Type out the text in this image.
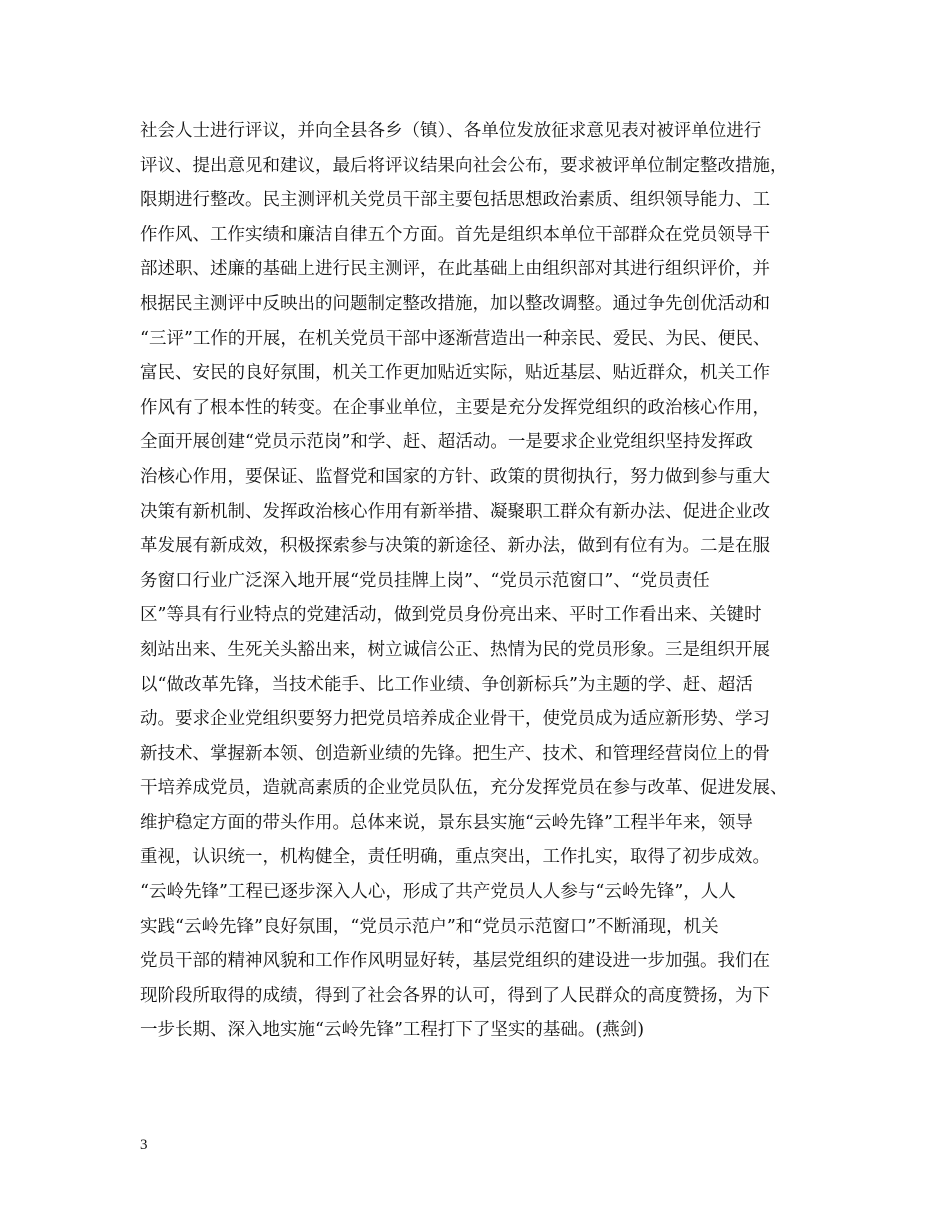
社会人士进行评议，并向全县各乡（镇）、各单位发放征求意见表对被评单位进行
评议、提出意见和建议，最后将评议结果向社会公布，要求被评单位制定整改措施，
限期进行整改。民主测评机关党员干部主要包括思想政治素质、组织领导能力、工
作作风、工作实绩和廉洁自律五个方面。首先是组织本单位干部群众在党员领导干
部述职、述廉的基础上进行民主测评，在此基础上由组织部对其进行组织评价，并
根据民主测评中反映出的问题制定整改措施，加以整改调整。通过争先创优活动和
“三评”工作的开展，在机关党员干部中逐渐营造出一种亲民、爱民、为民、便民、
富民、安民的良好氛围，机关工作更加贴近实际，贴近基层、贴近群众，机关工作
作风有了根本性的转变。在企事业单位，主要是充分发挥党组织的政治核心作用，
全面开展创建“党员示范岗”和学、赶、超活动。一是要求企业党组织坚持发挥政
治核心作用，要保证、监督党和国家的方针、政策的贯彻执行，努力做到参与重大
决策有新机制、发挥政治核心作用有新举措、凝聚职工群众有新办法、促进企业改
革发展有新成效，积极探索参与决策的新途径、新办法，做到有位有为。二是在服
务窗口行业广泛深入地开展“党员挂牌上岗”、“党员示范窗口”、“党员责任
区”等具有行业特点的党建活动，做到党员身份亮出来、平时工作看出来、关键时
刻站出来、生死关头豁出来，树立诚信公正、热情为民的党员形象。三是组织开展
以“做改革先锋，当技术能手、比工作业绩、争创新标兵”为主题的学、赶、超活
动。要求企业党组织要努力把党员培养成企业骨干，使党员成为适应新形势、学习
新技术、掌握新本领、创造新业绩的先锋。把生产、技术、和管理经营岗位上的骨
干培养成党员，造就高素质的企业党员队伍，充分发挥党员在参与改革、促进发展、
维护稳定方面的带头作用。总体来说，景东县实施“云岭先锋”工程半年来，领导
重视，认识统一，机构健全，责任明确，重点突出，工作扎实，取得了初步成效。
“云岭先锋”工程已逐步深入人心，形成了共产党员人人参与“云岭先锋”，人人
实践“云岭先锋”良好氛围，“党员示范户”和“党员示范窗口”不断涌现，机关
党员干部的精神风貌和工作作风明显好转，基层党组织的建设进一步加强。我们在
现阶段所取得的成绩，得到了社会各界的认可，得到了人民群众的高度赞扬，为下
一步长期、深入地实施“云岭先锋”工程打下了坚实的基础。(燕剑)
3
